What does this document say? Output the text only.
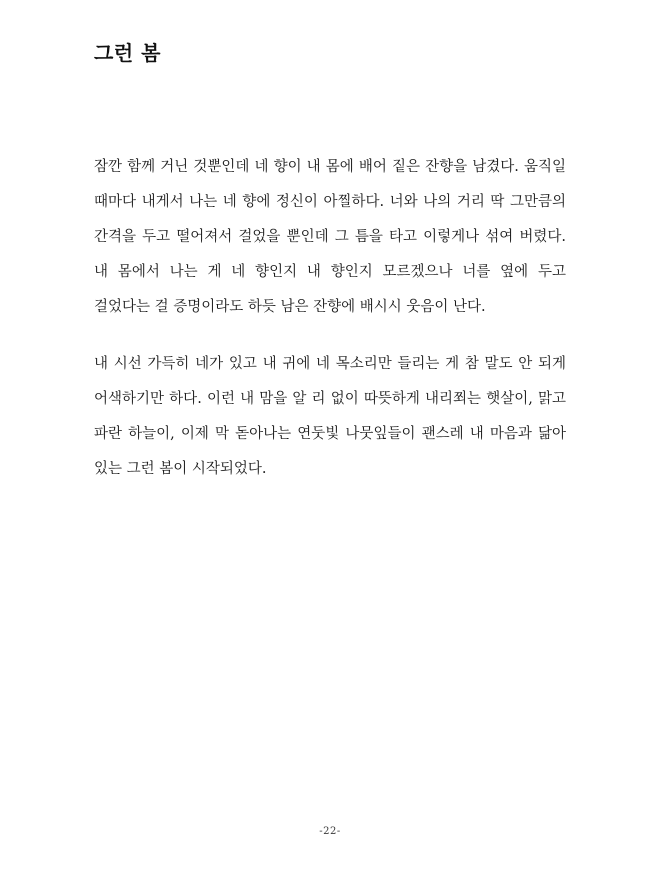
그런 봄

잠깐 함께 거닌 것뿐인데 네 향이 내 몸에 배어 짙은 잔향을 남겼다. 움직일 때마다 내게서 나는 네 향에 정신이 아찔하다. 너와 나의 거리 딱 그만큼의 간격을 두고 떨어져서 걸었을 뿐인데 그 틈을 타고 이렇게나 섞여 버렸다. 내 몸에서 나는 게 네 향인지 내 향인지 모르겠으나 너를 옆에 두고 걸었다는 걸 증명이라도 하듯 남은 잔향에 배시시 웃음이 난다.

내 시선 가득히 네가 있고 내 귀에 네 목소리만 들리는 게 참 말도 안 되게 어색하기만 하다. 이런 내 맘을 알 리 없이 따뜻하게 내리쬐는 햇살이, 맑고 파란 하늘이, 이제 막 돋아나는 연둣빛 나뭇잎들이 괜스레 내 마음과 닮아 있는 그런 봄이 시작되었다.

-22-
